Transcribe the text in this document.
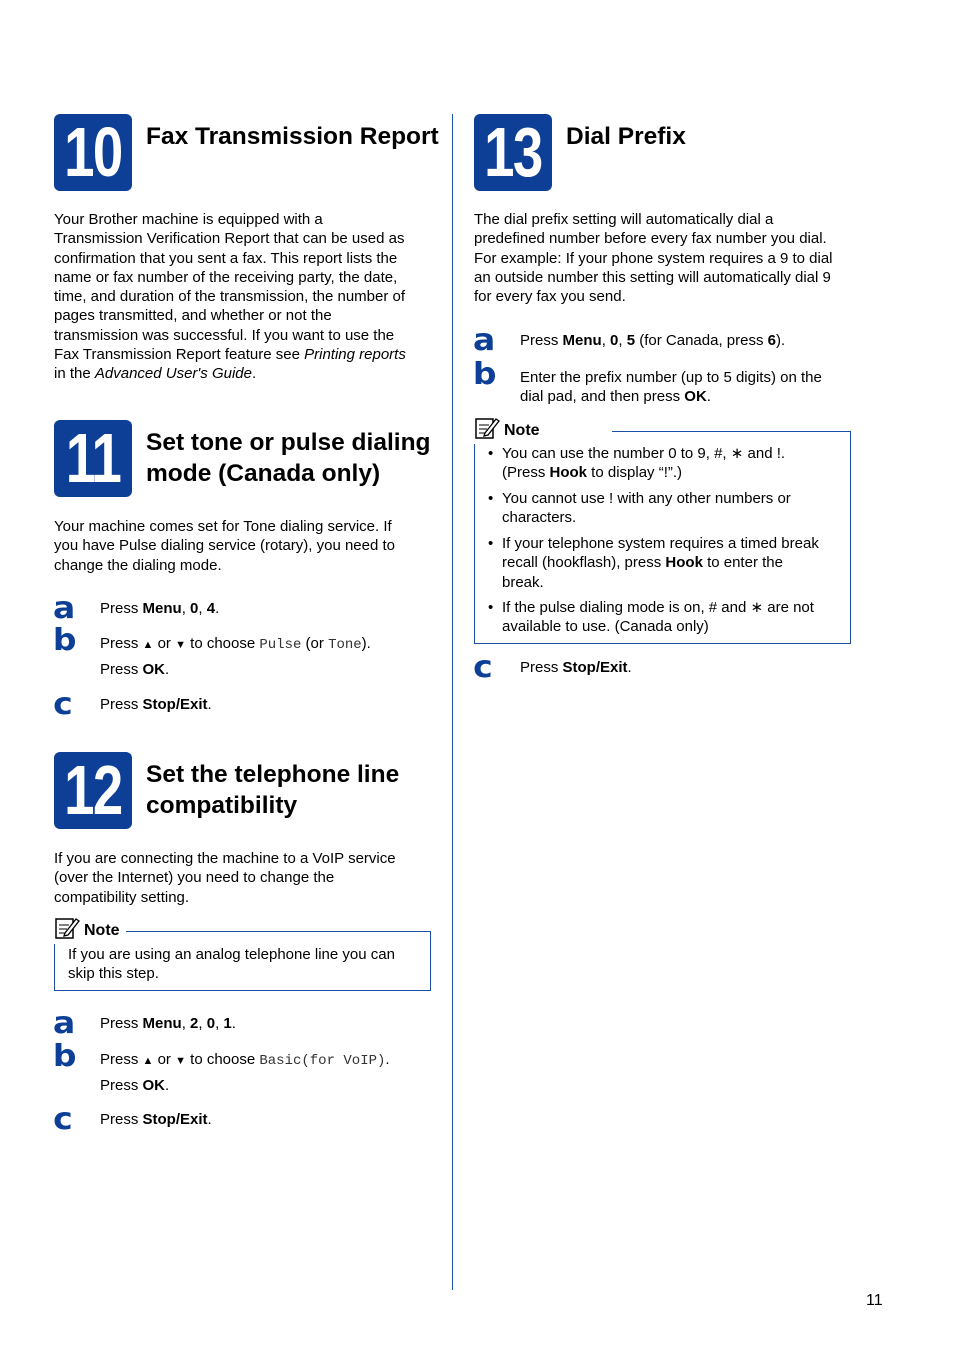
10 Fax Transmission Report
Your Brother machine is equipped with a
Transmission Verification Report that can be used as
confirmation that you sent a fax. This report lists the
name or fax number of the receiving party, the date,
time, and duration of the transmission, the number of
pages transmitted, and whether or not the
transmission was successful. If you want to use the
Fax Transmission Report feature see Printing reports
in the Advanced User's Guide.
11	Set tone or pulse dialing
mode (Canada only)
Your machine comes set for Tone dialing service. If
you have Pulse dialing service (rotary), you need to
change the dialing mode.
a Press Menu, 0, 4.
b Press ▲ or ▼ to choose Pulse (or Tone).
Press OK.
c Press Stop/Exit.
12 Set the telephone line
compatibility
If you are connecting the machine to a VoIP service
(over the Internet) you need to change the
compatibility setting.
Note
If you are using an analog telephone line you can
skip this step.
a Press Menu, 2, 0, 1.
b Press ▲ or ▼ to choose Basic(for VoIP).
Press OK.
c Press Stop/Exit.
13 Dial Prefix
The dial prefix setting will automatically dial a
predefined number before every fax number you dial.
For example: If your phone system requires a 9 to dial
an outside number this setting will automatically dial 9
for every fax you send.
a Press Menu, 0, 5 (for Canada, press 6).
b Enter the prefix number (up to 5 digits) on the
dial pad, and then press OK.
Note
• You can use the number 0 to 9, #, ∗ and !.
(Press Hook to display “!”.)
• You cannot use ! with any other numbers or
characters.
• If your telephone system requires a timed break
recall (hookflash), press Hook to enter the
break.
• If the pulse dialing mode is on, # and ∗ are not
available to use. (Canada only)
c Press Stop/Exit.
11
